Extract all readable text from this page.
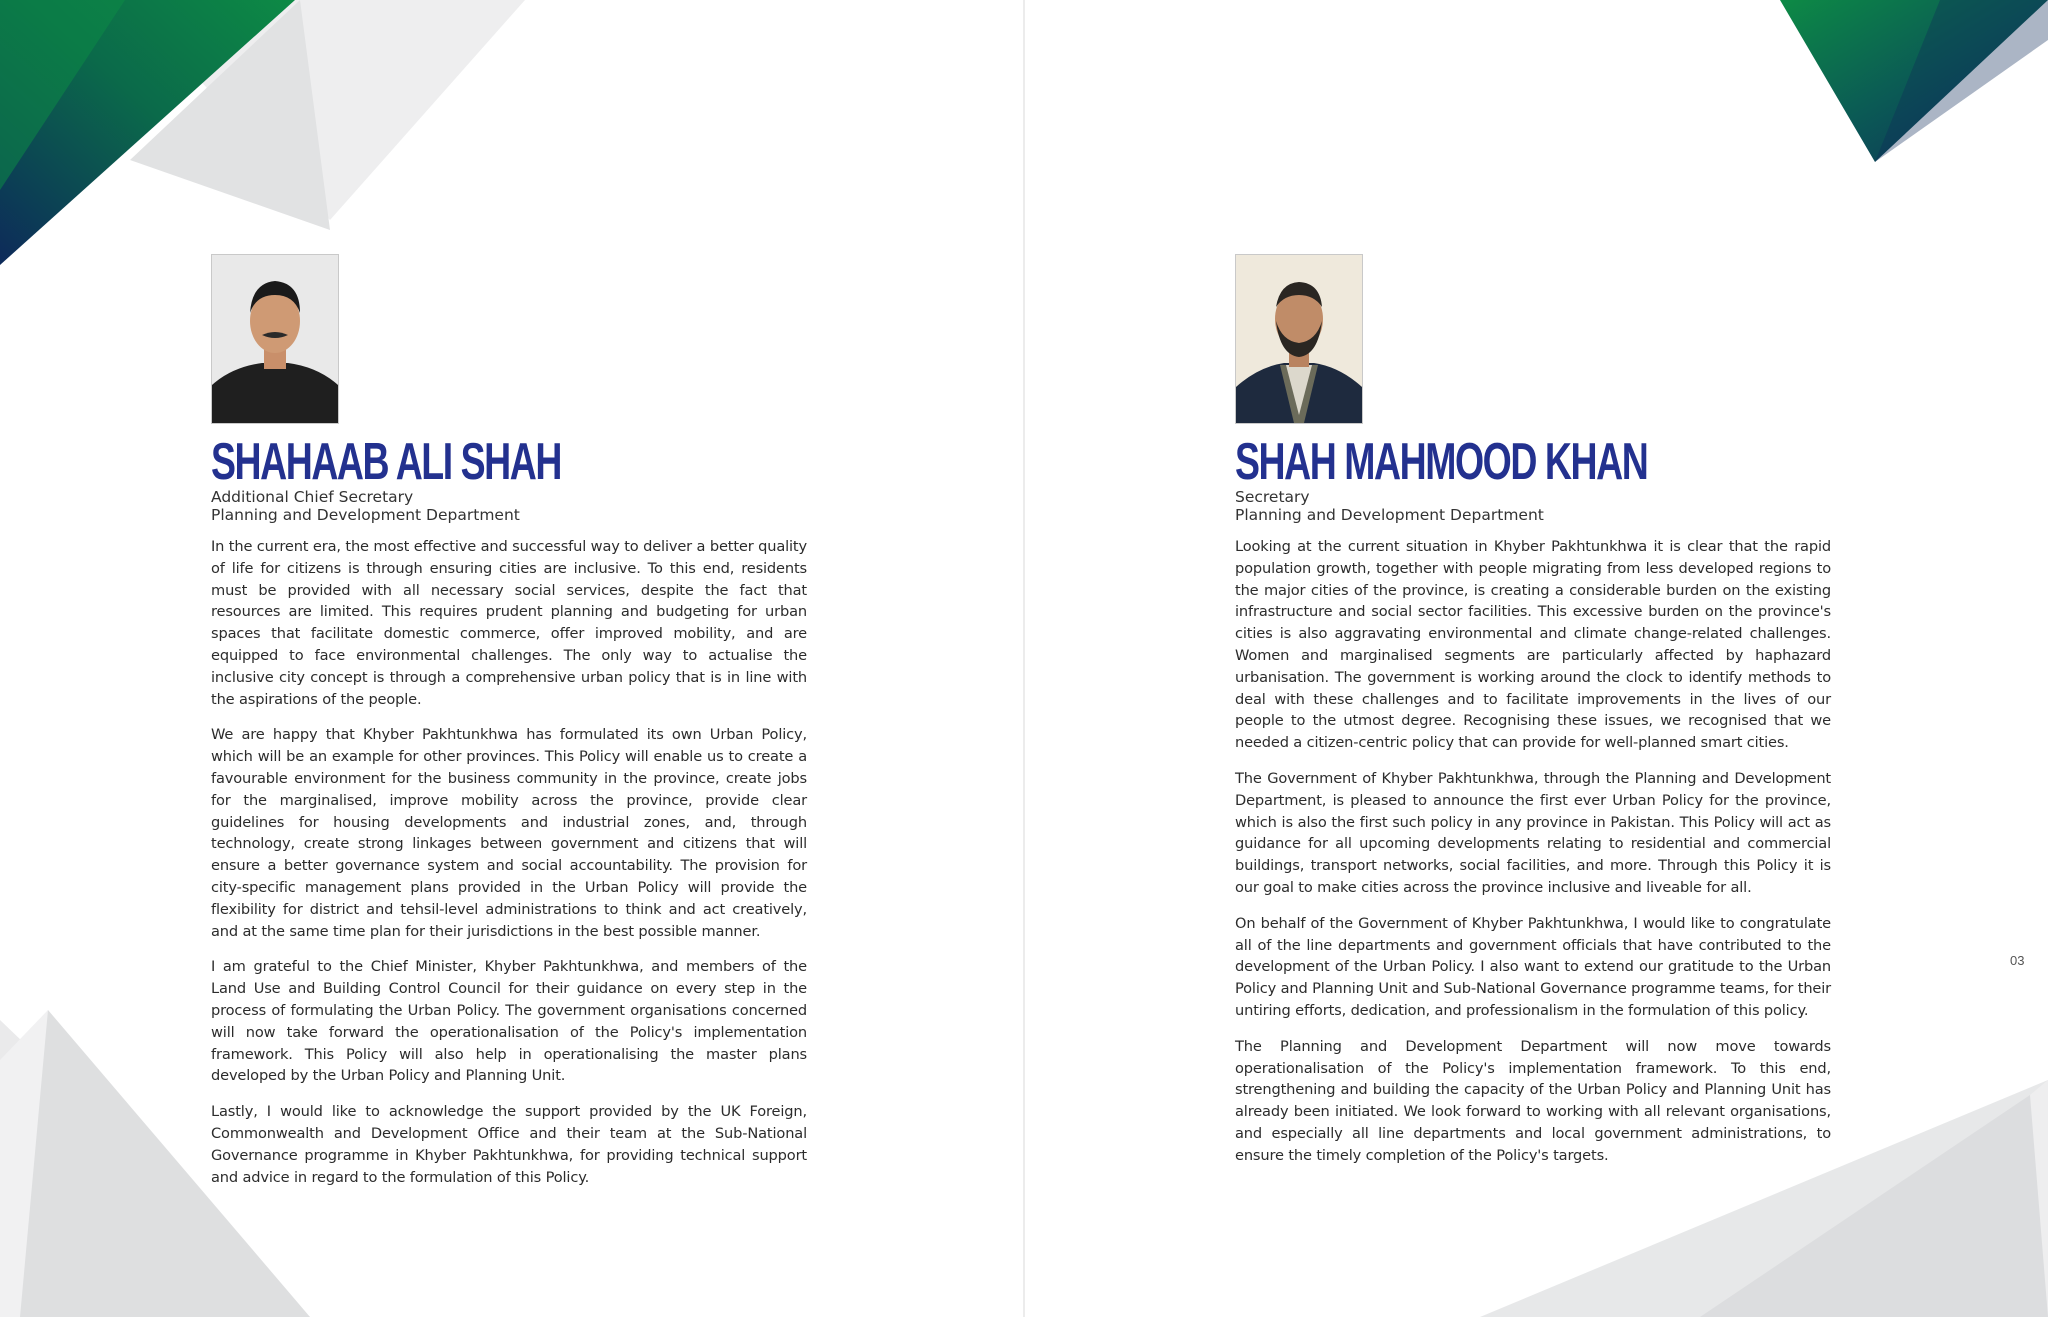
SHAHAAB ALI SHAH
Additional Chief Secretary
Planning and Development Department

In the current era, the most effective and successful way to deliver a better quality of life for citizens is through ensuring cities are inclusive. To this end, residents must be provided with all necessary social services, despite the fact that resources are limited. This requires prudent planning and budgeting for urban spaces that facilitate domestic commerce, offer improved mobility, and are equipped to face environmental challenges. The only way to actualise the inclusive city concept is through a comprehensive urban policy that is in line with the aspirations of the people.

We are happy that Khyber Pakhtunkhwa has formulated its own Urban Policy, which will be an example for other provinces. This Policy will enable us to create a favourable environment for the business community in the province, create jobs for the marginalised, improve mobility across the province, provide clear guidelines for housing developments and industrial zones, and, through technology, create strong linkages between government and citizens that will ensure a better governance system and social accountability. The provision for city-specific management plans provided in the Urban Policy will provide the flexibility for district and tehsil-level administrations to think and act creatively, and at the same time plan for their jurisdictions in the best possible manner.

I am grateful to the Chief Minister, Khyber Pakhtunkhwa, and members of the Land Use and Building Control Council for their guidance on every step in the process of formulating the Urban Policy. The government organisations concerned will now take forward the operationalisation of the Policy's implementation framework. This Policy will also help in operationalising the master plans developed by the Urban Policy and Planning Unit.

Lastly, I would like to acknowledge the support provided by the UK Foreign, Commonwealth and Development Office and their team at the Sub-National Governance programme in Khyber Pakhtunkhwa, for providing technical support and advice in regard to the formulation of this Policy.

SHAH MAHMOOD KHAN
Secretary
Planning and Development Department

Looking at the current situation in Khyber Pakhtunkhwa it is clear that the rapid population growth, together with people migrating from less developed regions to the major cities of the province, is creating a considerable burden on the existing infrastructure and social sector facilities. This excessive burden on the province's cities is also aggravating environmental and climate change-related challenges. Women and marginalised segments are particularly affected by haphazard urbanisation. The government is working around the clock to identify methods to deal with these challenges and to facilitate improvements in the lives of our people to the utmost degree. Recognising these issues, we recognised that we needed a citizen-centric policy that can provide for well-planned smart cities.

The Government of Khyber Pakhtunkhwa, through the Planning and Development Department, is pleased to announce the first ever Urban Policy for the province, which is also the first such policy in any province in Pakistan. This Policy will act as guidance for all upcoming developments relating to residential and commercial buildings, transport networks, social facilities, and more. Through this Policy it is our goal to make cities across the province inclusive and liveable for all.

On behalf of the Government of Khyber Pakhtunkhwa, I would like to congratulate all of the line departments and government officials that have contributed to the development of the Urban Policy. I also want to extend our gratitude to the Urban Policy and Planning Unit and Sub-National Governance programme teams, for their untiring efforts, dedication, and professionalism in the formulation of this policy.

The Planning and Development Department will now move towards operationalisation of the Policy's implementation framework. To this end, strengthening and building the capacity of the Urban Policy and Planning Unit has already been initiated. We look forward to working with all relevant organisations, and especially all line departments and local government administrations, to ensure the timely completion of the Policy's targets.

03
